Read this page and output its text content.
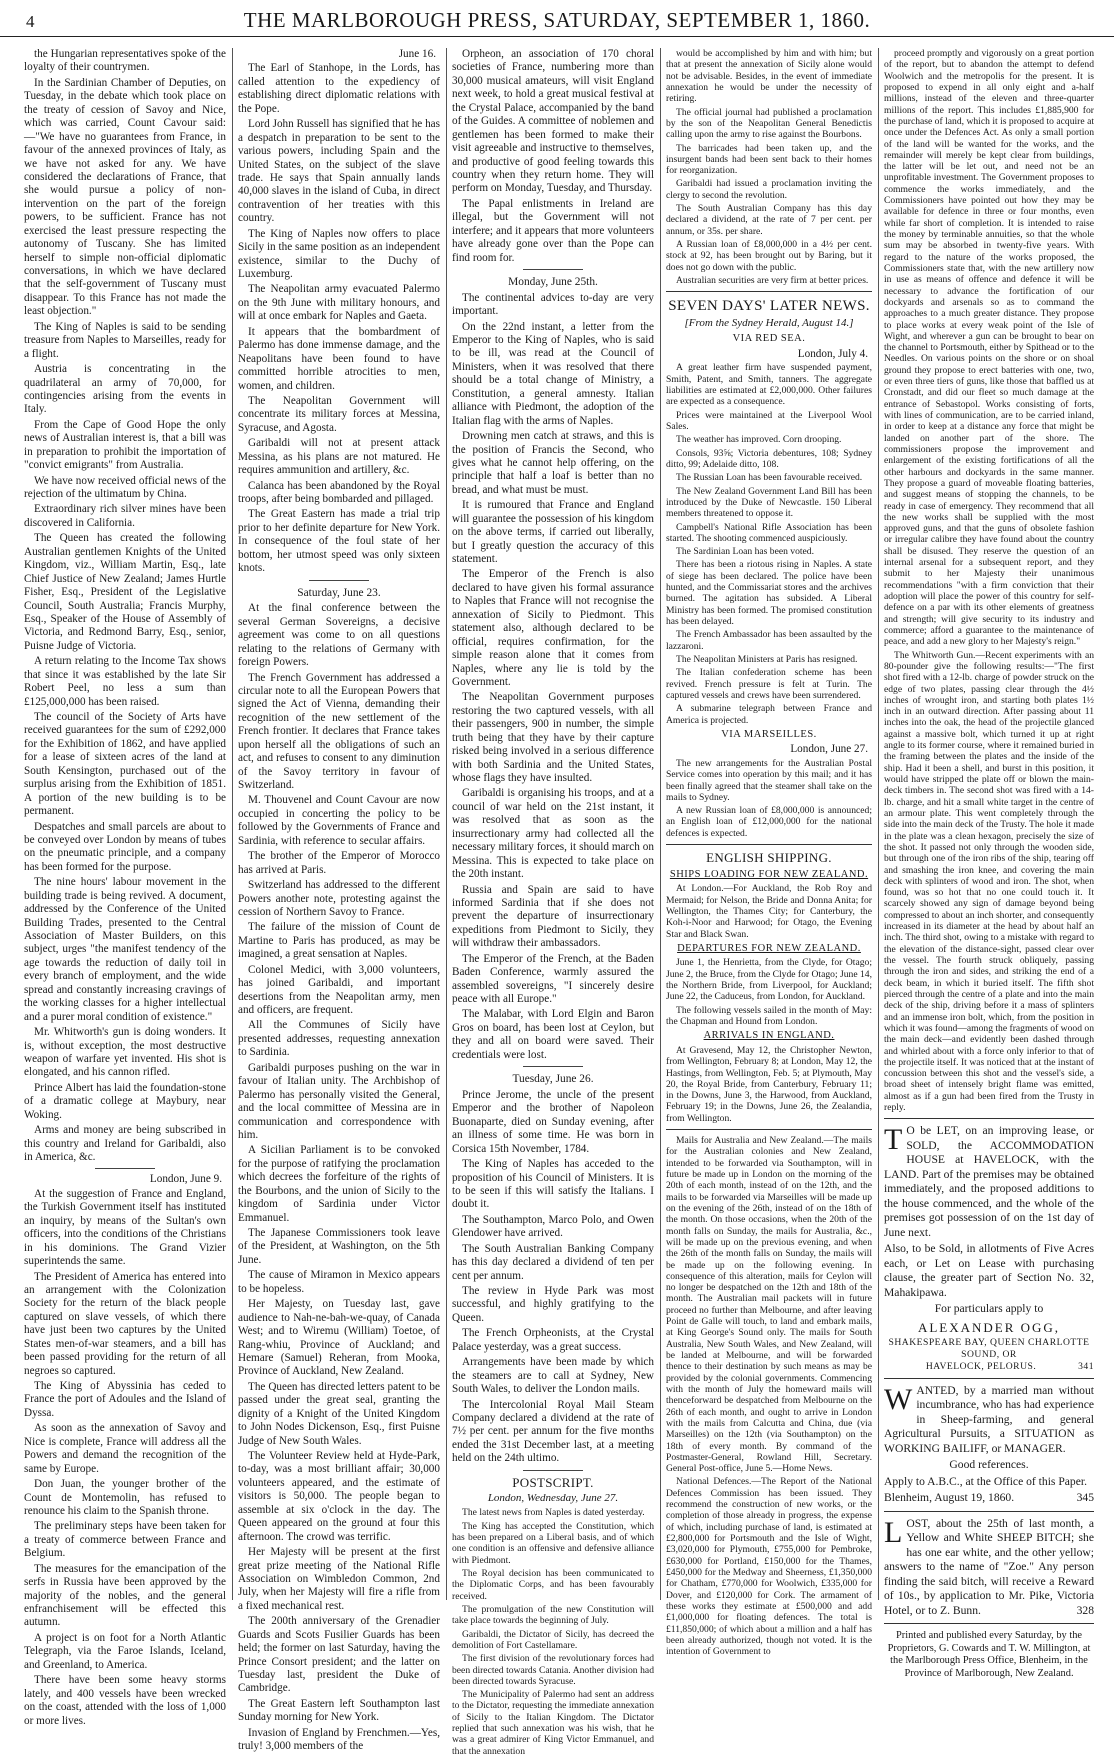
4	THE MARLBOROUGH PRESS, SATURDAY, SEPTEMBER 1, 1860.

the Hungarian representatives spoke of the loyalty of their countrymen.

In the Sardinian Chamber of Deputies, on Tuesday, in the debate which took place on the treaty of cession of Savoy and Nice, which was carried, Count Cavour said:—"We have no guarantees from France, in favour of the annexed provinces of Italy, as we have not asked for any. We have considered the declarations of France, that she would pursue a policy of non-intervention on the part of the foreign powers, to be sufficient. France has not exercised the least pressure respecting the autonomy of Tuscany. She has limited herself to simple non-official diplomatic conversations, in which we have declared that the self-government of Tuscany must disappear. To this France has not made the least objection."

The King of Naples is said to be sending treasure from Naples to Marseilles, ready for a flight.

Austria is concentrating in the quadrilateral an army of 70,000, for contingencies arising from the events in Italy.

From the Cape of Good Hope the only news of Australian interest is, that a bill was in preparation to prohibit the importation of "convict emigrants" from Australia.

We have now received official news of the rejection of the ultimatum by China.

Extraordinary rich silver mines have been discovered in California.

The Queen has created the following Australian gentlemen Knights of the United Kingdom, viz., William Martin, Esq., late Chief Justice of New Zealand; James Hurtle Fisher, Esq., President of the Legislative Council, South Australia; Francis Murphy, Esq., Speaker of the House of Assembly of Victoria, and Redmond Barry, Esq., senior, Puisne Judge of Victoria.

A return relating to the Income Tax shows that since it was established by the late Sir Robert Peel, no less a sum than £125,000,000 has been raised.

The council of the Society of Arts have received guarantees for the sum of £292,000 for the Exhibition of 1862, and have applied for a lease of sixteen acres of the land at South Kensington, purchased out of the surplus arising from the Exhibition of 1851. A portion of the new building is to be permanent.

Despatches and small parcels are about to be conveyed over London by means of tubes on the pneumatic principle, and a company has been formed for the purpose.

The nine hours' labour movement in the building trade is being revived. A document, addressed by the Conference of the United Building Trades, presented to the Central Association of Master Builders, on this subject, urges "the manifest tendency of the age towards the reduction of daily toil in every branch of employment, and the wide spread and constantly increasing cravings of the working classes for a higher intellectual and a purer moral condition of existence."

Mr. Whitworth's gun is doing wonders. It is, without exception, the most destructive weapon of warfare yet invented. His shot is elongated, and his cannon rifled.

Prince Albert has laid the foundation-stone of a dramatic college at Maybury, near Woking.

Arms and money are being subscribed in this country and Ireland for Garibaldi, also in America, &c.

London, June 9.

At the suggestion of France and England, the Turkish Government itself has instituted an inquiry, by means of the Sultan's own officers, into the conditions of the Christians in his dominions. The Grand Vizier superintends the same.

The President of America has entered into an arrangement with the Colonization Society for the return of the black people captured on slave vessels, of which there have just been two captures by the United States men-of-war steamers, and a bill has been passed providing for the return of all negroes so captured.

The King of Abyssinia has ceded to France the port of Adoules and the Island of Dyssa.

As soon as the annexation of Savoy and Nice is complete, France will address all the Powers and demand the recognition of the same by Europe.

Don Juan, the younger brother of the Count de Montemolin, has refused to renounce his claim to the Spanish throne.

The preliminary steps have been taken for a treaty of commerce between France and Belgium.

The measures for the emancipation of the serfs in Russia have been approved by the majority of the nobles, and the general enfranchisement will be effected this autumn.

A project is on foot for a North Atlantic Telegraph, via the Faroe Islands, Iceland, and Greenland, to America.

There have been some heavy storms lately, and 400 vessels have been wrecked on the coast, attended with the loss of 1,000 or more lives.

June 16.

The Earl of Stanhope, in the Lords, has called attention to the expediency of establishing direct diplomatic relations with the Pope.

Lord John Russell has signified that he has a despatch in preparation to be sent to the various powers, including Spain and the United States, on the subject of the slave trade. He says that Spain annually lands 40,000 slaves in the island of Cuba, in direct contravention of her treaties with this country.

The King of Naples now offers to place Sicily in the same position as an independent existence, similar to the Duchy of Luxemburg.

The Neapolitan army evacuated Palermo on the 9th June with military honours, and will at once embark for Naples and Gaeta.

It appears that the bombardment of Palermo has done immense damage, and the Neapolitans have been found to have committed horrible atrocities to men, women, and children.

The Neapolitan Government will concentrate its military forces at Messina, Syracuse, and Agosta.

Garibaldi will not at present attack Messina, as his plans are not matured. He requires ammunition and artillery, &c.

Calanca has been abandoned by the Royal troops, after being bombarded and pillaged.

The Great Eastern has made a trial trip prior to her definite departure for New York. In consequence of the foul state of her bottom, her utmost speed was only sixteen knots.

Saturday, June 23.

At the final conference between the several German Sovereigns, a decisive agreement was come to on all questions relating to the relations of Germany with foreign Powers.

The French Government has addressed a circular note to all the European Powers that signed the Act of Vienna, demanding their recognition of the new settlement of the French frontier. It declares that France takes upon herself all the obligations of such an act, and refuses to consent to any diminution of the Savoy territory in favour of Switzerland.

M. Thouvenel and Count Cavour are now occupied in concerting the policy to be followed by the Governments of France and Sardinia, with reference to secular affairs.

The brother of the Emperor of Morocco has arrived at Paris.

Switzerland has addressed to the different Powers another note, protesting against the cession of Northern Savoy to France.

The failure of the mission of Count de Martine to Paris has produced, as may be imagined, a great sensation at Naples.

Colonel Medici, with 3,000 volunteers, has joined Garibaldi, and important desertions from the Neapolitan army, men and officers, are frequent.

All the Communes of Sicily have presented addresses, requesting annexation to Sardinia.

Garibaldi purposes pushing on the war in favour of Italian unity. The Archbishop of Palermo has personally visited the General, and the local committee of Messina are in communication and correspondence with him.

A Sicilian Parliament is to be convoked for the purpose of ratifying the proclamation which decrees the forfeiture of the rights of the Bourbons, and the union of Sicily to the kingdom of Sardinia under Victor Emmanuel.

The Japanese Commissioners took leave of the President, at Washington, on the 5th June.

The cause of Miramon in Mexico appears to be hopeless.

Her Majesty, on Tuesday last, gave audience to Nah-ne-bah-we-quay, of Canada West; and to Wiremu (William) Toetoe, of Rang-whiu, Province of Auckland; and Hemare (Samuel) Reheran, from Mooka, Province of Auckland, New Zealand.

The Queen has directed letters patent to be passed under the great seal, granting the dignity of a Knight of the United Kingdom to John Nodes Dickenson, Esq., first Puisne Judge of New South Wales.

The Volunteer Review held at Hyde-Park, to-day, was a most brilliant affair; 30,000 volunteers appeared, and the estimate of visitors is 50,000. The people began to assemble at six o'clock in the day. The Queen appeared on the ground at four this afternoon. The crowd was terrific.

Her Majesty will be present at the first great prize meeting of the National Rifle Association on Wimbledon Common, 2nd July, when her Majesty will fire a rifle from a fixed mechanical rest.

The 200th anniversary of the Grenadier Guards and Scots Fusilier Guards has been held; the former on last Saturday, having the Prince Consort president; and the latter on Tuesday last, president the Duke of Cambridge.

The Great Eastern left Southampton last Sunday morning for New York.

Invasion of England by Frenchmen.—Yes, truly! 3,000 members of the

Orpheon, an association of 170 choral societies of France, numbering more than 30,000 musical amateurs, will visit England next week, to hold a great musical festival at the Crystal Palace, accompanied by the band of the Guides. A committee of noblemen and gentlemen has been formed to make their visit agreeable and instructive to themselves, and productive of good feeling towards this country when they return home. They will perform on Monday, Tuesday, and Thursday.

The Papal enlistments in Ireland are illegal, but the Government will not interfere; and it appears that more volunteers have already gone over than the Pope can find room for.

Monday, June 25th.

The continental advices to-day are very important.

On the 22nd instant, a letter from the Emperor to the King of Naples, who is said to be ill, was read at the Council of Ministers, when it was resolved that there should be a total change of Ministry, a Constitution, a general amnesty. Italian alliance with Piedmont, the adoption of the Italian flag with the arms of Naples.

Drowning men catch at straws, and this is the position of Francis the Second, who gives what he cannot help offering, on the principle that half a loaf is better than no bread, and what must be must.

It is rumoured that France and England will guarantee the possession of his kingdom on the above terms, if carried out liberally, but I greatly question the accuracy of this statement.

The Emperor of the French is also declared to have given his formal assurance to Naples that France will not recognise the annexation of Sicily to Piedmont. This statement also, although declared to be official, requires confirmation, for the simple reason alone that it comes from Naples, where any lie is told by the Government.

The Neapolitan Government purposes restoring the two captured vessels, with all their passengers, 900 in number, the simple truth being that they have by their capture risked being involved in a serious difference with both Sardinia and the United States, whose flags they have insulted.

Garibaldi is organising his troops, and at a council of war held on the 21st instant, it was resolved that as soon as the insurrectionary army had collected all the necessary military forces, it should march on Messina. This is expected to take place on the 20th instant.

Russia and Spain are said to have informed Sardinia that if she does not prevent the departure of insurrectionary expeditions from Piedmont to Sicily, they will withdraw their ambassadors.

The Emperor of the French, at the Baden Baden Conference, warmly assured the assembled sovereigns, "I sincerely desire peace with all Europe."

The Malabar, with Lord Elgin and Baron Gros on board, has been lost at Ceylon, but they and all on board were saved. Their credentials were lost.

Tuesday, June 26.

Prince Jerome, the uncle of the present Emperor and the brother of Napoleon Buonaparte, died on Sunday evening, after an illness of some time. He was born in Corsica 15th November, 1784.

The King of Naples has acceded to the proposition of his Council of Ministers. It is to be seen if this will satisfy the Italians. I doubt it.

The Southampton, Marco Polo, and Owen Glendower have arrived.

The South Australian Banking Company has this day declared a dividend of ten per cent per annum.

The review in Hyde Park was most successful, and highly gratifying to the Queen.

The French Orpheonists, at the Crystal Palace yesterday, was a great success.

Arrangements have been made by which the steamers are to call at Sydney, New South Wales, to deliver the London mails.

The Intercolonial Royal Mail Steam Company declared a dividend at the rate of 7½ per cent. per annum for the five months ended the 31st December last, at a meeting held on the 24th ultimo.

POSTSCRIPT.
London, Wednesday, June 27.

The latest news from Naples is dated yesterday.

The King has accepted the Constitution, which has been prepared on a Liberal basis, and of which one condition is an offensive and defensive alliance with Piedmont.

The Royal decision has been communicated to the Diplomatic Corps, and has been favourably received.

The promulgation of the new Constitution will take place towards the beginning of July.

Garibaldi, the Dictator of Sicily, has decreed the demolition of Fort Castellamare.

The first division of the revolutionary forces had been directed towards Catania. Another division had been directed towards Syracuse.

The Municipality of Palermo had sent an address to the Dictator, requesting the immediate annexation of Sicily to the Italian Kingdom. The Dictator replied that such annexation was his wish, that he was a great admirer of King Victor Emmanuel, and that the annexation

would be accomplished by him and with him; but that at present the annexation of Sicily alone would not be advisable. Besides, in the event of immediate annexation he would be under the necessity of retiring.

The official journal had published a proclamation by the son of the Neapolitan General Benedictis calling upon the army to rise against the Bourbons.

The barricades had been taken up, and the insurgent bands had been sent back to their homes for reorganization.

Garibaldi had issued a proclamation inviting the clergy to second the revolution.

The South Australian Company has this day declared a dividend, at the rate of 7 per cent. per annum, or 35s. per share.

A Russian loan of £8,000,000 in a 4½ per cent. stock at 92, has been brought out by Baring, but it does not go down with the public.

Australian securities are very firm at better prices.

SEVEN DAYS' LATER NEWS.
[From the Sydney Herald, August 14.]
VIA RED SEA.
London, July 4.

A great leather firm have suspended payment, Smith, Patent, and Smith, tanners. The aggregate liabilities are estimated at £2,000,000. Other failures are expected as a consequence.

Prices were maintained at the Liverpool Wool Sales.

The weather has improved. Corn drooping.

Consols, 93⅝; Victoria debentures, 108; Sydney ditto, 99; Adelaide ditto, 108.

The Russian Loan has been favourable received.

The New Zealand Government Land Bill has been introduced by the Duke of Newcastle. 150 Liberal members threatened to oppose it.

Campbell's National Rifle Association has been started. The shooting commenced auspiciously.

The Sardinian Loan has been voted.

There has been a riotous rising in Naples. A state of siege has been declared. The police have been hunted, and the Commissariat stores and the archives burned. The agitation has subsided. A Liberal Ministry has been formed. The promised constitution has been delayed.

The French Ambassador has been assaulted by the lazzaroni.

The Neapolitan Ministers at Paris has resigned.

The Italian confederation scheme has been revived. French pressure is felt at Turin. The captured vessels and crews have been surrendered.

A submarine telegraph between France and America is projected.

VIA MARSEILLES.
London, June 27.

The new arrangements for the Australian Postal Service comes into operation by this mail; and it has been finally agreed that the steamer shall take on the mails to Sydney.

A new Russian loan of £8,000,000 is announced; an English loan of £12,000,000 for the national defences is expected.

ENGLISH SHIPPING.
SHIPS LOADING FOR NEW ZEALAND.

At London.—For Auckland, the Rob Roy and Mermaid; for Nelson, the Bride and Donna Anita; for Wellington, the Thames City; for Canterbury, the Koh-i-Noor and Harwood; for Otago, the Evening Star and Black Swan.

DEPARTURES FOR NEW ZEALAND.

June 1, the Henrietta, from the Clyde, for Otago; June 2, the Bruce, from the Clyde for Otago; June 14, the Northern Bride, from Liverpool, for Auckland; June 22, the Caduceus, from London, for Auckland.

The following vessels sailed in the month of May: the Chapman and Hound from London.

ARRIVALS IN ENGLAND.

At Gravesend, May 12, the Christopher Newton, from Wellington, February 8; at London, May 12, the Hastings, from Wellington, Feb. 5; at Plymouth, May 20, the Royal Bride, from Canterbury, February 11; in the Downs, June 3, the Harwood, from Auckland, February 19; in the Downs, June 26, the Zealandia, from Wellington.

Mails for Australia and New Zealand.—The mails for the Australian colonies and New Zealand, intended to be forwarded via Southampton, will in future be made up in London on the morning of the 20th of each month, instead of on the 12th, and the mails to be forwarded via Marseilles will be made up on the evening of the 26th, instead of on the 18th of the month. On those occasions, when the 20th of the month falls on Sunday, the mails for Australia, &c., will be made up on the previous evening, and when the 26th of the month falls on Sunday, the mails will be made up on the following evening. In consequence of this alteration, mails for Ceylon will no longer be despatched on the 12th and 18th of the month. The Australian mail packets will in future proceed no further than Melbourne, and after leaving Point de Galle will touch, to land and embark mails, at King George's Sound only. The mails for South Australia, New South Wales, and New Zealand, will be landed at Melbourne, and will be forwarded thence to their destination by such means as may be provided by the colonial governments. Commencing with the month of July the homeward mails will thenceforward be despatched from Melbourne on the 26th of each month, and ought to arrive in London with the mails from Calcutta and China, due (via Marseilles) on the 12th (via Southampton) on the 18th of every month. By command of the Postmaster-General, Rowland Hill, Secretary. General Post-office, June 5.—Home News.

National Defences.—The Report of the National Defences Commission has been issued. They recommend the construction of new works, or the completion of those already in progress, the expense of which, including purchase of land, is estimated at £2,800,000 for Portsmouth and the Isle of Wight, £3,020,000 for Plymouth, £755,000 for Pembroke, £630,000 for Portland, £150,000 for the Thames, £450,000 for the Medway and Sheerness, £1,350,000 for Chatham, £770,000 for Woolwich, £335,000 for Dover, and £120,000 for Cork. The armament of these works they estimate at £500,000 and add £1,000,000 for floating defences. The total is £11,850,000; of which about a million and a half has been already authorized, though not voted. It is the intention of Government to

proceed promptly and vigorously on a great portion of the report, but to abandon the attempt to defend Woolwich and the metropolis for the present. It is proposed to expend in all only eight and a-half millions, instead of the eleven and three-quarter millions of the report. This includes £1,885,900 for the purchase of land, which it is proposed to acquire at once under the Defences Act. As only a small portion of the land will be wanted for the works, and the remainder will merely be kept clear from buildings, the latter will be let out, and need not be an unprofitable investment. The Government proposes to commence the works immediately, and the Commissioners have pointed out how they may be available for defence in three or four months, even while far short of completion. It is intended to raise the money by terminable annuities, so that the whole sum may be absorbed in twenty-five years. With regard to the nature of the works proposed, the Commissioners state that, with the new artillery now in use as means of offence and defence it will be necessary to advance the fortification of our dockyards and arsenals so as to command the approaches to a much greater distance. They propose to place works at every weak point of the Isle of Wight, and wherever a gun can be brought to bear on the channel to Portsmouth, either by Spithead or to the Needles. On various points on the shore or on shoal ground they propose to erect batteries with one, two, or even three tiers of guns, like those that baffled us at Cronstadt, and did our fleet so much damage at the entrance of Sebastopol. Works consisting of forts, with lines of communication, are to be carried inland, in order to keep at a distance any force that might be landed on another part of the shore. The commissioners propose the improvement and enlargement of the existing fortifications of all the other harbours and dockyards in the same manner. They propose a guard of moveable floating batteries, and suggest means of stopping the channels, to be ready in case of emergency. They recommend that all the new works shall be supplied with the most approved guns, and that the guns of obsolete fashion or irregular calibre they have found about the country shall be disused. They reserve the question of an internal arsenal for a subsequent report, and they submit to her Majesty their unanimous recommendations "with a firm conviction that their adoption will place the power of this country for self-defence on a par with its other elements of greatness and strength; will give security to its industry and commerce; afford a guarantee to the maintenance of peace, and add a new glory to her Majesty's reign."

The Whitworth Gun.—Recent experiments with an 80-pounder give the following results:—"The first shot fired with a 12-lb. charge of powder struck on the edge of two plates, passing clear through the 4½ inches of wrought iron, and starting both plates 1½ inch in an outward direction. After passing about 11 inches into the oak, the head of the projectile glanced against a massive bolt, which turned it up at right angle to its former course, where it remained buried in the framing between the plates and the inside of the ship. Had it been a shell, and burst in this position, it would have stripped the plate off or blown the main-deck timbers in. The second shot was fired with a 14-lb. charge, and hit a small white target in the centre of an armour plate. This went completely through the side into the main deck of the Trusty. The hole it made in the plate was a clean hexagon, precisely the size of the shot. It passed not only through the wooden side, but through one of the iron ribs of the ship, tearing off and smashing the iron knee, and covering the main deck with splinters of wood and iron. The shot, when found, was so hot that no one could touch it. It scarcely showed any sign of damage beyond being compressed to about an inch shorter, and consequently increased in its diameter at the head by about half an inch. The third shot, owing to a mistake with regard to the elevation of the distance-sight, passed clear over the vessel. The fourth struck obliquely, passing through the iron and sides, and striking the end of a deck beam, in which it buried itself. The fifth shot pierced through the centre of a plate and into the main deck of the ship, driving before it a mass of splinters and an immense iron bolt, which, from the position in which it was found—among the fragments of wood on the main deck—and evidently been dashed through and whirled about with a force only inferior to that of the projectile itself. It was noticed that at the instant of concussion between this shot and the vessel's side, a broad sheet of intensely bright flame was emitted, almost as if a gun had been fired from the Trusty in reply.

T O be LET, on an improving lease, or SOLD, the ACCOMMODATION HOUSE at HAVELOCK, with the LAND. Part of the premises may be obtained immediately, and the proposed additions to the house commenced, and the whole of the premises got possession of on the 1st day of June next.

Also, to be Sold, in allotments of Five Acres each, or Let on Lease with purchasing clause, the greater part of Section No. 32, Mahakipawa.

For particulars apply to

ALEXANDER OGG,
SHAKESPEARE BAY, QUEEN CHARLOTTE SOUND, OR
HAVELOCK, PELORUS.	341

WANTED, by a married man without incumbrance, who has had experience in Sheep-farming, and general Agricultural Pursuits, a SITUATION as WORKING BAILIFF, or MANAGER.

Good references.

Apply to A.B.C., at the Office of this Paper.

Blenheim, August 19, 1860.	345

LOST, about the 25th of last month, a Yellow and White SHEEP BITCH; she has one ear white, and the other yellow; answers to the name of "Zoe." Any person finding the said bitch, will receive a Reward of 10s., by application to Mr. Pike, Victoria Hotel, or to Z. Bunn.	328

Printed and published every Saturday, by the Proprietors, G. Cowards and T. W. Millington, at the Marlborough Press Office, Blenheim, in the Province of Marlborough, New Zealand.
